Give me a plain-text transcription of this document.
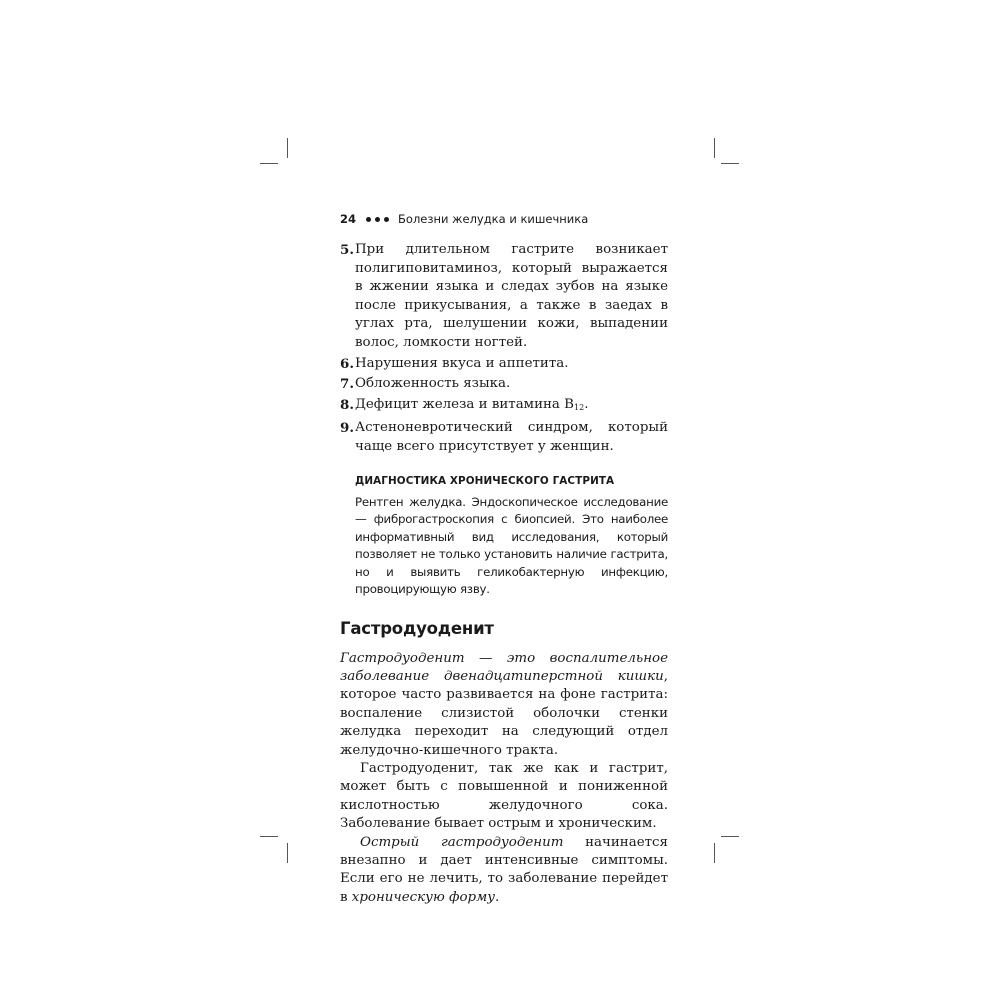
24	Болезни желудка и кишечника
5. При длительном гастрите возникает полигиповитаминоз, который выражается в жжении языка и следах зубов на языке после прикусывания, а также в заедах в углах рта, шелушении кожи, выпадении волос, ломкости ногтей.
6. Нарушения вкуса и аппетита.
7. Обложенность языка.
8. Дефицит железа и витамина $B_{12}$.
9. Астеноневротический синдром, который чаще всего присутствует у женщин.
ДИАГНОСТИКА ХРОНИЧЕСКОГО ГАСТРИТА
Рентген желудка. Эндоскопическое исследование — фиброгастроскопия с биопсией. Это наиболее информативный вид исследования, который позволяет не только установить наличие гастрита, но и выявить геликобактерную инфекцию, провоцирующую язву.
Гастродуоденит

Гастродуоденит — это воспалительное заболевание двенадцатиперстной кишки, которое часто развивается на фоне гастрита: воспаление слизистой оболочки стенки желудка переходит на следующий отдел желудочно-кишечного тракта.

Гастродуоденит, так же как и гастрит, может быть с повышенной и пониженной кислотностью желудочного сока. Заболевание бывает острым и хроническим.

Острый гастродуоденит начинается внезапно и дает интенсивные симптомы. Если его не лечить, то заболевание перейдет в хроническую форму.
